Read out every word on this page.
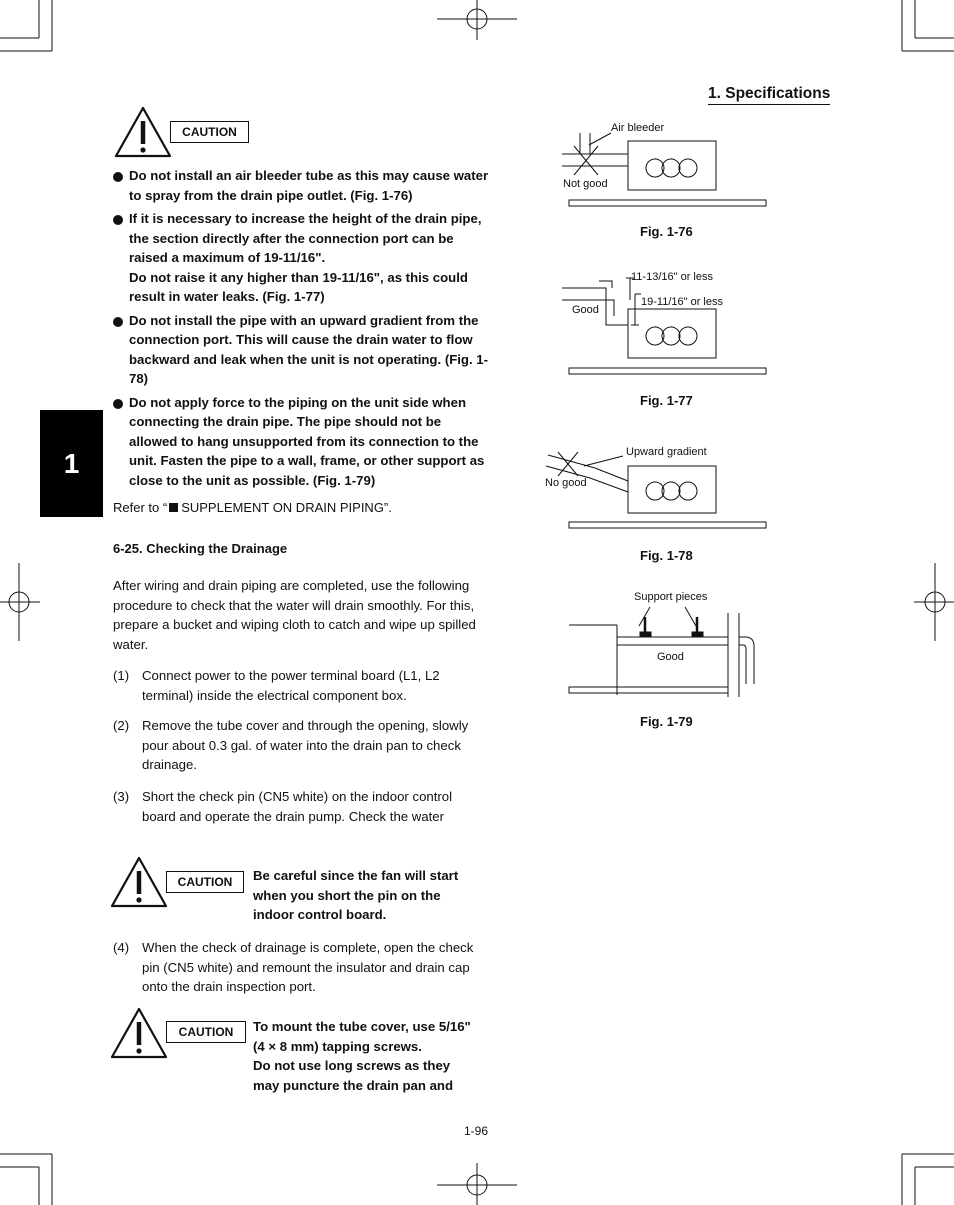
1. Specifications
1
CAUTION

Do not install an air bleeder tube as this may cause water to spray from the drain pipe outlet. (Fig. 1-76)

If it is necessary to increase the height of the drain pipe, the section directly after the connection port can be raised a maximum of 19-11/16".

Do not raise it any higher than 19-11/16", as this could result in water leaks. (Fig. 1-77)

Do not install the pipe with an upward gradient from the connection port. This will cause the drain water to flow backward and leak when the unit is not operating. (Fig. 1-78)

Do not apply force to the piping on the unit side when connecting the drain pipe. The pipe should not be allowed to hang unsupported from its connection to the unit. Fasten the pipe to a wall, frame, or other support as close to the unit as possible. (Fig. 1-79)

Refer to “ SUPPLEMENT ON DRAIN PIPING”.
6-25. Checking the Drainage
After wiring and drain piping are completed, use the following procedure to check that the water will drain smoothly. For this, prepare a bucket and wiping cloth to catch and wipe up spilled water.
(1) Connect power to the power terminal board (L1, L2 terminal) inside the electrical component box.
(2) Remove the tube cover and through the opening, slowly pour about 0.3 gal. of water into the drain pan to check drainage.
(3) Short the check pin (CN5 white) on the indoor control board and operate the drain pump. Check the water
CAUTION	Be careful since the fan will start
when you short the pin on the
indoor control board.
(4) When the check of drainage is complete, open the check pin (CN5 white) and remount the insulator and drain cap onto the drain inspection port.
CAUTION	To mount the tube cover, use 5/16"
(4 × 8 mm) tapping screws.
Do not use long screws as they
may puncture the drain pan and
Air bleeder
Not good
Fig. 1-76
11-13/16" or less
19-11/16" or less
Good
Fig. 1-77
Upward gradient
No good
Fig. 1-78
Support pieces
Good
Fig. 1-79
1-96
